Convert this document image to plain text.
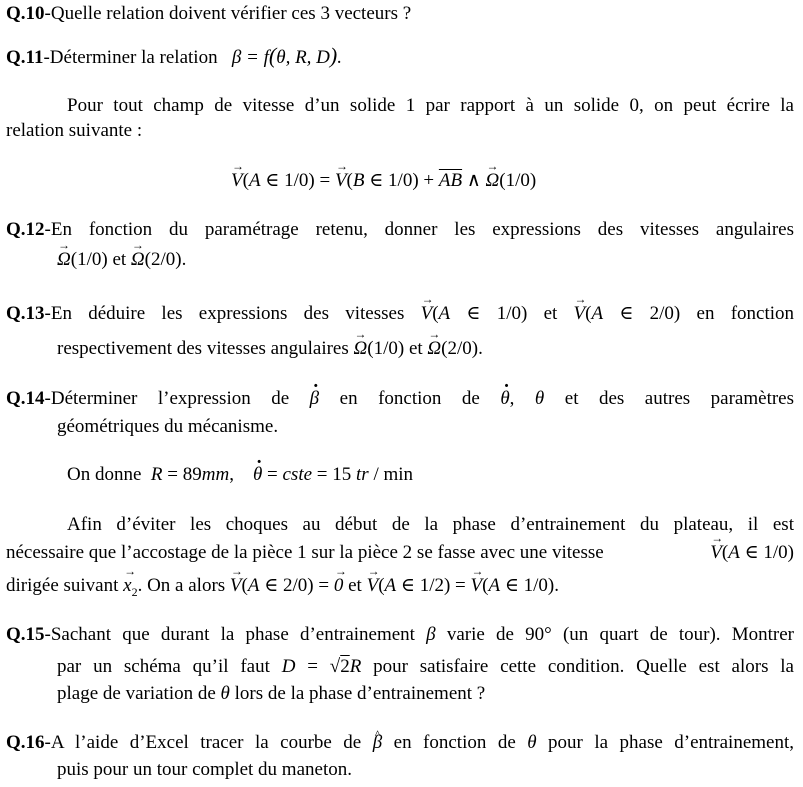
Q.10-Quelle relation doivent vérifier ces 3 vecteurs ?
Q.11-Déterminer la relation   β = f(θ, R, D).
Pour tout champ de vitesse d’un solide 1 par rapport à un solide 0, on peut écrire la
relation suivante :
→ V(A ∈ 1/0) = → V(B ∈ $1/0) + \overline{AB}$ ∧ → Ω(1/0)
Q.12-En fonction du paramétrage retenu, donner les expressions des vitesses angulaires
→ Ω(1/0) et → Ω(2/0).
Q.13-En déduire les expressions des vitesses → V(A ∈ 1/0) et → V(A ∈ 2/0) en fonction
respectivement des vitesses angulaires → Ω(1/0) et → Ω(2/0).
Q.14-Déterminer l’expression de · β en fonction de · θ, θ et des autres paramètres
géométriques du mécanisme.
On donne R = 89mm,    · θ = cste = 15 tr / min
Afin d’éviter les choques au début de la phase d’entrainement du plateau, il est
nécessaire que l’accostage de la pièce 1 sur la pièce 2 se fasse avec une vitesse	→ V(A ∈ 1/0)
dirigée suivant → $x_2$. On a alors → V(A ∈ 2/0) = → 0 et → V(A ∈ 1/2) = → V(A ∈ 1/0).
Q.15-Sachant que durant la phase d’entrainement β varie de 90° (un quart de tour). Montrer
par un schéma qu’il faut D = √2R pour satisfaire cette condition. Quelle est alors la
plage de variation de θ lors de la phase d’entrainement ?
Q.16-A l’aide d’Excel tracer la courbe de ^ β en fonction de θ pour la phase d’entrainement,
puis pour un tour complet du maneton.
